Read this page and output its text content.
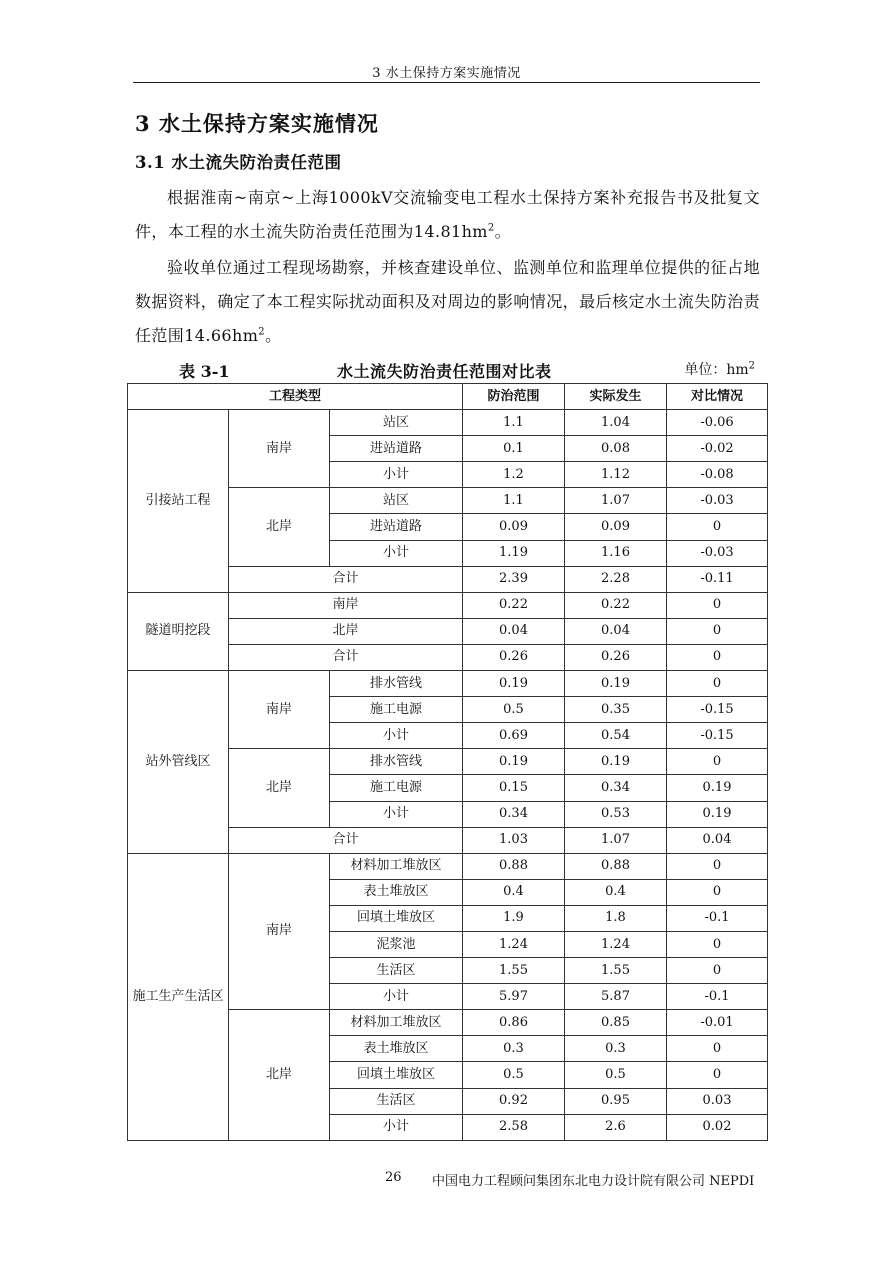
3 水土保持方案实施情况
3 水土保持方案实施情况
3.1 水土流失防治责任范围
根据淮南~南京~上海1000kV交流输变电工程水土保持方案补充报告书及批复文件，本工程的水土流失防治责任范围为$14.81hm^2$。
验收单位通过工程现场勘察，并核查建设单位、监测单位和监理单位提供的征占地数据资料，确定了本工程实际扰动面积及对周边的影响情况，最后核定水土流失防治责任范围$14.66hm^2$。
表 3-1	水土流失防治责任范围对比表	单位：$hm^2$
工程类型			防治范围	实际发生	对比情况
引接站工程	南岸	站区	1.1	1.04	-0.06
		进站道路	0.1	0.08	-0.02
		小计	1.2	1.12	-0.08
	北岸	站区	1.1	1.07	-0.03
		进站道路	0.09	0.09	0
		小计	1.19	1.16	-0.03
	合计		2.39	2.28	-0.11
隧道明挖段	南岸		0.22	0.22	0
	北岸		0.04	0.04	0
	合计		0.26	0.26	0
站外管线区	南岸	排水管线	0.19	0.19	0
		施工电源	0.5	0.35	-0.15
		小计	0.69	0.54	-0.15
	北岸	排水管线	0.19	0.19	0
		施工电源	0.15	0.34	0.19
		小计	0.34	0.53	0.19
	合计		1.03	1.07	0.04
施工生产生活区	南岸	材料加工堆放区	0.88	0.88	0
		表土堆放区	0.4	0.4	0
		回填土堆放区	1.9	1.8	-0.1
		泥浆池	1.24	1.24	0
		生活区	1.55	1.55	0
		小计	5.97	5.87	-0.1
	北岸	材料加工堆放区	0.86	0.85	-0.01
		表土堆放区	0.3	0.3	0
		回填土堆放区	0.5	0.5	0
		生活区	0.92	0.95	0.03
		小计	2.58	2.6	0.02
26 中国电力工程顾问集团东北电力设计院有限公司 NEPDI
